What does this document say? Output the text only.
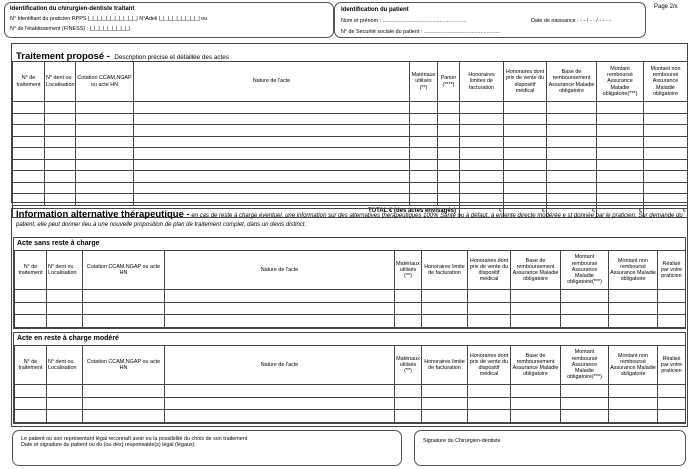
Page 2/x
Identification du chirurgien-dentiste traitant
N° Identifiant du praticien RPPS |_|_|_|_|_|_|_|_|_|_|_| N°Adeli |_|_|_|_|_|_|_|_|_| ou
N° de l'établissement (FINESS) : |_|_|_|_|_|_|_|_|_|
Identification du patient
Nom et prénom : ........................................................	Date de naissance : - - / - - / - - - -
N° de Sécurité sociale du patient : ...................................................
Traitement proposé - Description précise et détaillée des actes
N° de traitement	N° dent ou Localisation	Cotation CCAM,NGAP ou acte HN	Nature de l'acte	Matériaux utilisés (**)	Panier (****)	Honoraires limites de facturation	Honoraires dont prix de vente du dispositif médical	Base de remboursement Assurance Maladie obligatoire	Montant remboursé Assurance Maladie obligatoire(***)	Montant non remboursé Assurance Maladie obligatoire

TOTAL € (des actes envisagés)						€	€	€	€	€
Information alternative thérapeutique - en cas de reste à charge éventuel, une information sur des alternatives thérapeutiques 100% Santé ou à défaut, à entente directe modérée e st donnée par le praticien. Sur demande du patient, elle peut donner lieu à une nouvelle proposition de plan de traitement complet, dans un devis distinct.
Acte sans reste à charge
N° de traitement	N° dent ou Localisation	Cotation CCAM,NGAP ou acte HN	Nature de l'acte	Matériaux utilisés (**)	Honoraires limite de facturation	Honoraires dont prix de vente du dispositif médical	Base de remboursement Assurance Maladie obligatoire	Montant remboursé Assurance Maladie obligatoire(***)	Montant non remboursé Assurance Maladie obligatoire	Réalisé par votre praticien

Acte en reste à charge modéré
N° de traitement	N° dent ou Localisation	Cotation CCAM,NGAP ou acte HN	Nature de l'acte	Matériaux utilisés (**)	Honoraires limite de facturation	Honoraires dont prix de vente du dispositif médical	Base de remboursement Assurance Maladie obligatoire	Montant remboursé Assurance Maladie obligatoire(***)	Montant non remboursé Assurance Maladie obligatoire	Réalisé par votre praticien

Le patient ou son représentant légal reconnaît avoir eu la possibilité du choix de son traitement
Date et signature du patient ou du (ou des) responsable(s) légal (légaux)
Signature du Chirurgien-dentiste
